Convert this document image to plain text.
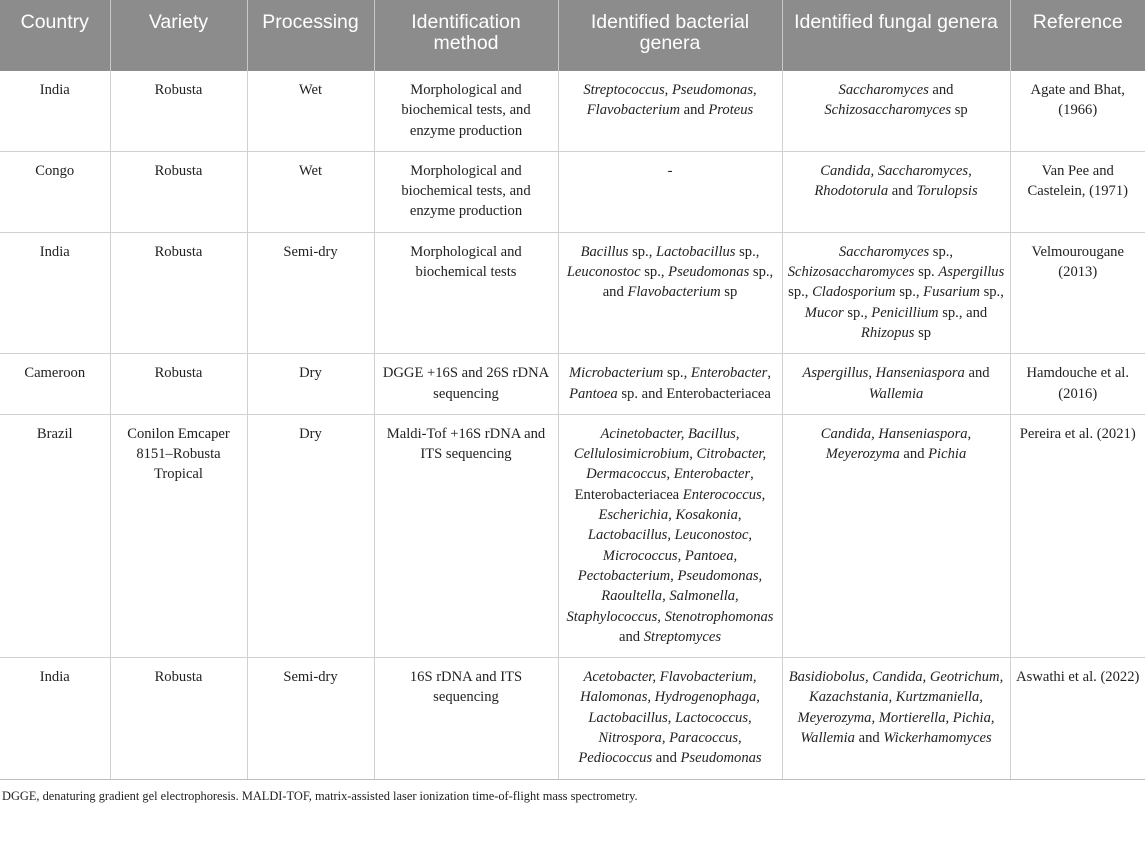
Country	Variety	Processing	Identification method	Identified bacterial genera	Identified fungal genera	Reference
India	Robusta	Wet	Morphological and biochemical tests, and enzyme production	Streptococcus, Pseudomonas, Flavobacterium and Proteus	Saccharomyces and Schizosaccharomyces sp	Agate and Bhat, (1966)
Congo	Robusta	Wet	Morphological and biochemical tests, and enzyme production	-	Candida, Saccharomyces, Rhodotorula and Torulopsis	Van Pee and Castelein, (1971)
India	Robusta	Semi-dry	Morphological and biochemical tests	Bacillus sp., Lactobacillus sp., Leuconostoc sp., Pseudomonas sp., and Flavobacterium sp	Saccharomyces sp., Schizosaccharomyces sp. Aspergillus sp., Cladosporium sp., Fusarium sp., Mucor sp., Penicillium sp., and Rhizopus sp	Velmourougane (2013)
Cameroon	Robusta	Dry	DGGE +16S and 26S rDNA sequencing	Microbacterium sp., Enterobacter, Pantoea sp. and Enterobacteriacea	Aspergillus, Hanseniaspora and Wallemia	Hamdouche et al. (2016)
Brazil	Conilon Emcaper 8151–Robusta Tropical	Dry	Maldi-Tof +16S rDNA and ITS sequencing	Acinetobacter, Bacillus, Cellulosimicrobium, Citrobacter, Dermacoccus, Enterobacter, Enterobacteriacea Enterococcus, Escherichia, Kosakonia, Lactobacillus, Leuconostoc, Micrococcus, Pantoea, Pectobacterium, Pseudomonas, Raoultella, Salmonella, Staphylococcus, Stenotrophomonas and Streptomyces	Candida, Hanseniaspora, Meyerozyma and Pichia	Pereira et al. (2021)
India	Robusta	Semi-dry	16S rDNA and ITS sequencing	Acetobacter, Flavobacterium, Halomonas, Hydrogenophaga, Lactobacillus, Lactococcus, Nitrospora, Paracoccus, Pediococcus and Pseudomonas	Basidiobolus, Candida, Geotrichum, Kazachstania, Kurtzmaniella, Meyerozyma, Mortierella, Pichia, Wallemia and Wickerhamomyces	Aswathi et al. (2022)
DGGE, denaturing gradient gel electrophoresis. MALDI-TOF, matrix-assisted laser ionization time-of-flight mass spectrometry.
